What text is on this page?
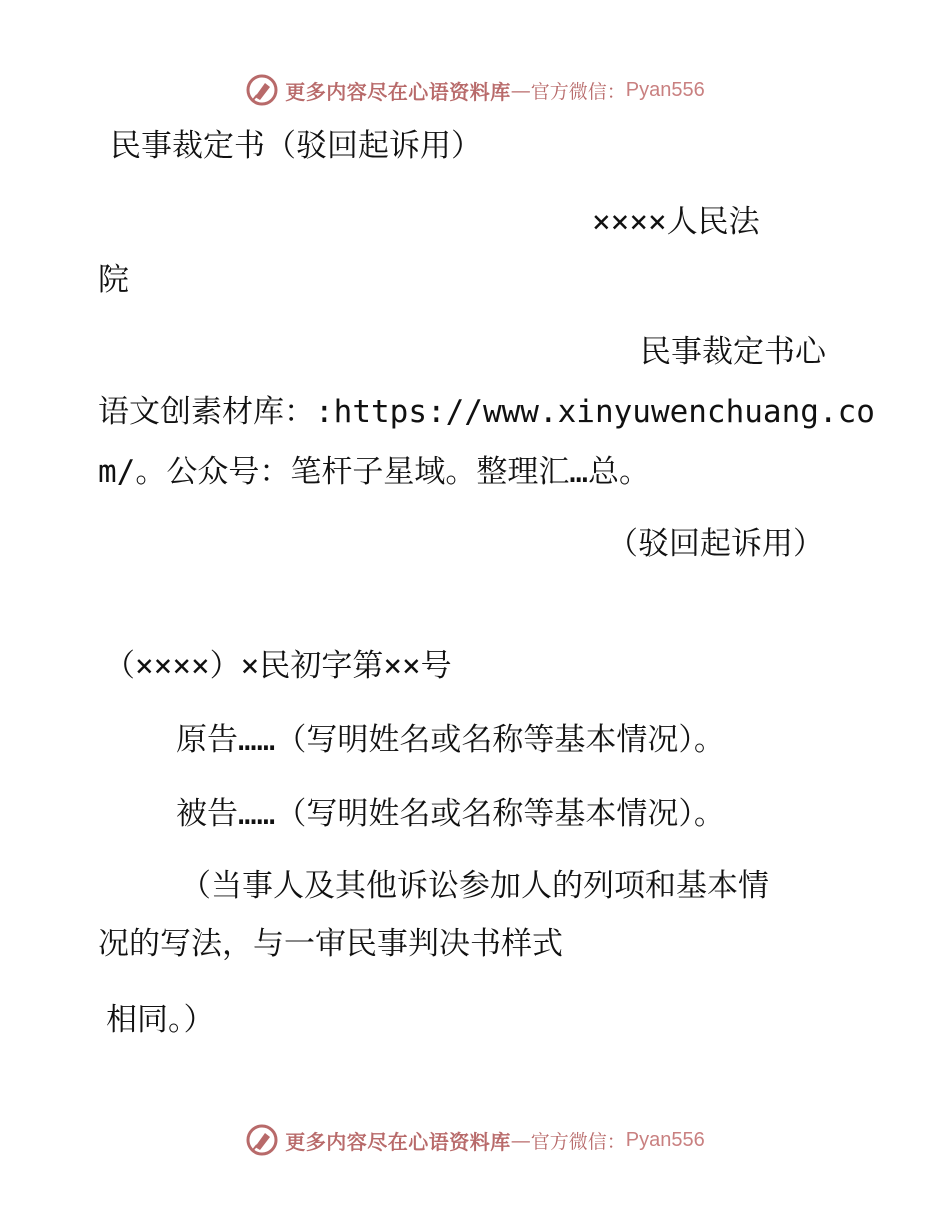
更多内容尽在心语资料库 — 官方微信： Pyan556
民事裁定书（驳回起诉用）
××××人民法
院
民事裁定书心
语文创素材库：:https://www.xinyuwenchuang.co
m/。公众号：笔杆子星域。整理汇…总。
（驳回起诉用）
（××××）×民初字第××号
原告……（写明姓名或名称等基本情况）。
被告……（写明姓名或名称等基本情况）。
（当事人及其他诉讼参加人的列项和基本情
况的写法，与一审民事判决书样式
相同。）
更多内容尽在心语资料库 — 官方微信： Pyan556
